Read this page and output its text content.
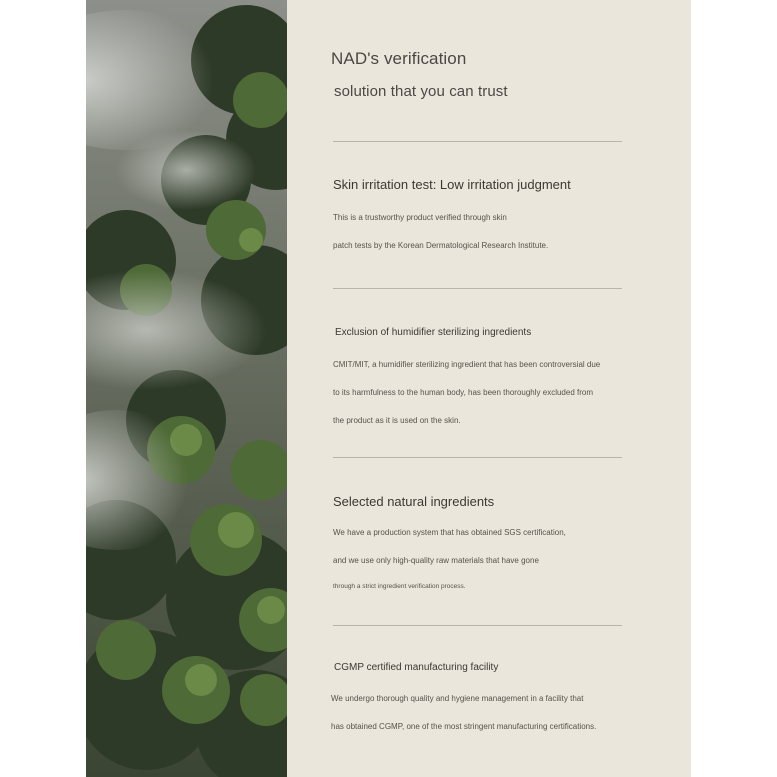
NAD's verification
solution that you can trust
Skin irritation test: Low irritation judgment
This is a trustworthy product verified through skin
patch tests by the Korean Dermatological Research Institute.
Exclusion of humidifier sterilizing ingredients
CMIT/MIT, a humidifier sterilizing ingredient that has been controversial due
to its harmfulness to the human body, has been thoroughly excluded from
the product as it is used on the skin.
Selected natural ingredients
We have a production system that has obtained SGS certification,
and we use only high-quality raw materials that have gone
through a strict ingredient verification process.
CGMP certified manufacturing facility
We undergo thorough quality and hygiene management in a facility that
has obtained CGMP, one of the most stringent manufacturing certifications.
